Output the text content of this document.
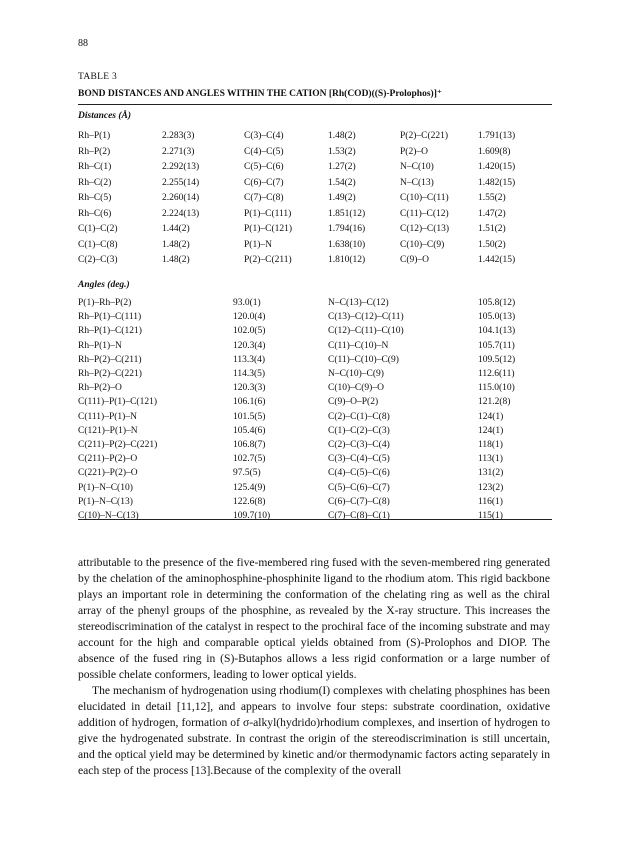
88
TABLE 3
BOND DISTANCES AND ANGLES WITHIN THE CATION [Rh(COD)((S)-Prolophos)]⁺
Distances (Å)
Rh–P(1)	2.283(3)	C(3)–C(4)	1.48(2)	P(2)–C(221)	1.791(13)
Rh–P(2)	2.271(3)	C(4)–C(5)	1.53(2)	P(2)–O	1.609(8)
Rh–C(1)	2.292(13)	C(5)–C(6)	1.27(2)	N–C(10)	1.420(15)
Rh–C(2)	2.255(14)	C(6)–C(7)	1.54(2)	N–C(13)	1.482(15)
Rh–C(5)	2.260(14)	C(7)–C(8)	1.49(2)	C(10)–C(11)	1.55(2)
Rh–C(6)	2.224(13)	P(1)–C(111)	1.851(12)	C(11)–C(12)	1.47(2)
C(1)–C(2)	1.44(2)	P(1)–C(121)	1.794(16)	C(12)–C(13)	1.51(2)
C(1)–C(8)	1.48(2)	P(1)–N	1.638(10)	C(10)–C(9)	1.50(2)
C(2)–C(3)	1.48(2)	P(2)–C(211)	1.810(12)	C(9)–O	1.442(15)
Angles (deg.)
P(1)–Rh–P(2)	93.0(1)	N–C(13)–C(12)	105.8(12)
Rh–P(1)–C(111)	120.0(4)	C(13)–C(12)–C(11)	105.0(13)
Rh–P(1)–C(121)	102.0(5)	C(12)–C(11)–C(10)	104.1(13)
Rh–P(1)–N	120.3(4)	C(11)–C(10)–N	105.7(11)
Rh–P(2)–C(211)	113.3(4)	C(11)–C(10)–C(9)	109.5(12)
Rh–P(2)–C(221)	114.3(5)	N–C(10)–C(9)	112.6(11)
Rh–P(2)–O	120.3(3)	C(10)–C(9)–O	115.0(10)
C(111)–P(1)–C(121)	106.1(6)	C(9)–O–P(2)	121.2(8)
C(111)–P(1)–N	101.5(5)	C(2)–C(1)–C(8)	124(1)
C(121)–P(1)–N	105.4(6)	C(1)–C(2)–C(3)	124(1)
C(211)–P(2)–C(221)	106.8(7)	C(2)–C(3)–C(4)	118(1)
C(211)–P(2)–O	102.7(5)	C(3)–C(4)–C(5)	113(1)
C(221)–P(2)–O	97.5(5)	C(4)–C(5)–C(6)	131(2)
P(1)–N–C(10)	125.4(9)	C(5)–C(6)–C(7)	123(2)
P(1)–N–C(13)	122.6(8)	C(6)–C(7)–C(8)	116(1)
C(10)–N–C(13)	109.7(10)	C(7)–C(8)–C(1)	115(1)

attributable to the presence of the five-membered ring fused with the seven-membered ring generated by the chelation of the aminophosphine-phosphinite ligand to the rhodium atom. This rigid backbone plays an important role in determining the conformation of the chelating ring as well as the chiral array of the phenyl groups of the phosphine, as revealed by the X-ray structure. This increases the stereodiscrimination of the catalyst in respect to the prochiral face of the incoming substrate and may account for the high and comparable optical yields obtained from (S)-Prolophos and DIOP. The absence of the fused ring in (S)-Butaphos allows a less rigid conformation or a large number of possible chelate conformers, leading to lower optical yields.

The mechanism of hydrogenation using rhodium(I) complexes with chelating phosphines has been elucidated in detail [11,12], and appears to involve four steps: substrate coordination, oxidative addition of hydrogen, formation of σ-alkyl(hydrido)rhodium complexes, and insertion of hydrogen to give the hydrogenated substrate. In contrast the origin of the stereodiscrimination is still uncertain, and the optical yield may be determined by kinetic and/or thermodynamic factors acting separately in each step of the process [13].Because of the complexity of the overall
